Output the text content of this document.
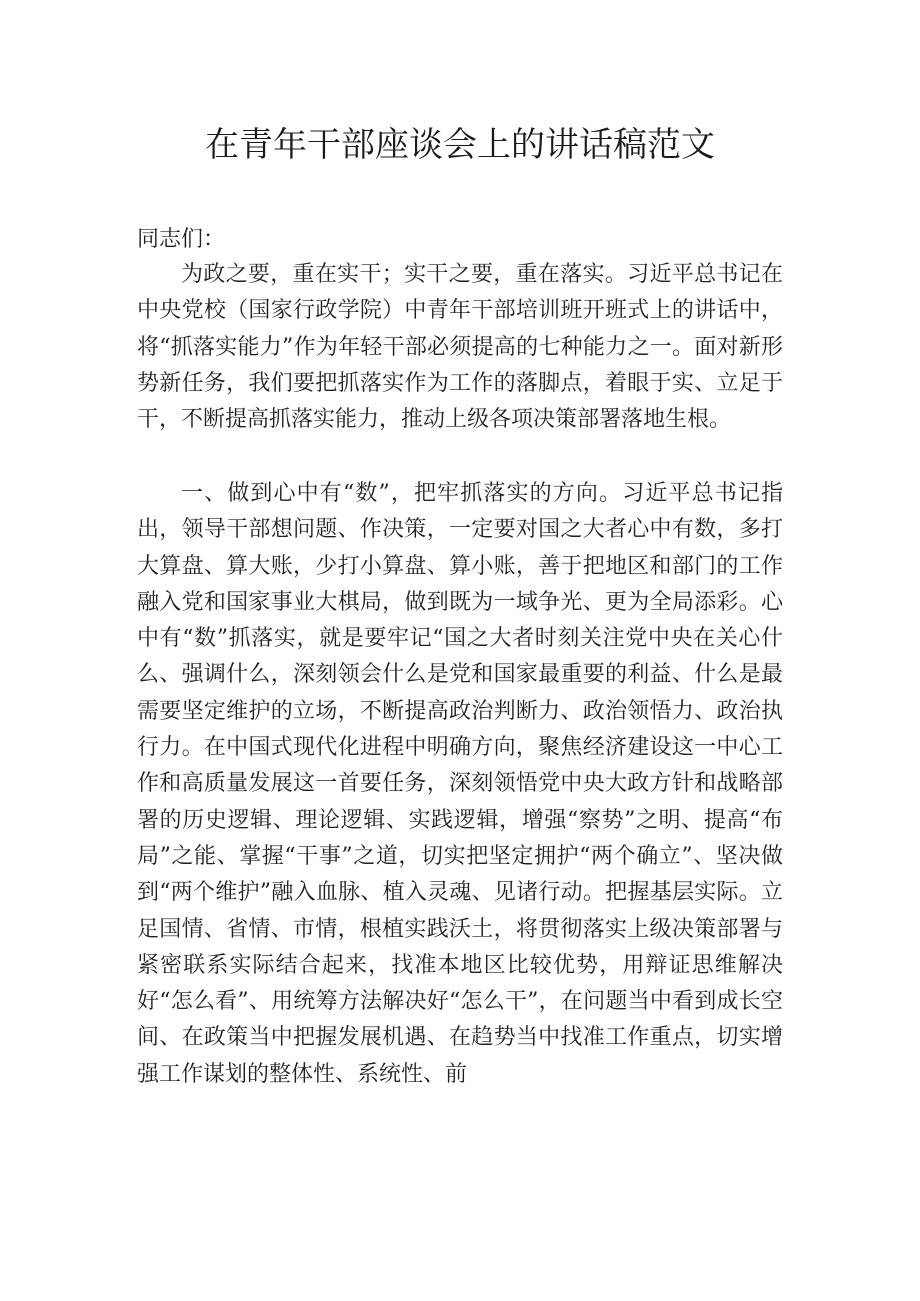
在青年干部座谈会上的讲话稿范文
同志们：

为政之要，重在实干；实干之要，重在落实。习近平总书记在中央党校（国家行政学院）中青年干部培训班开班式上的讲话中，将“抓落实能力”作为年轻干部必须提高的七种能力之一。面对新形势新任务，我们要把抓落实作为工作的落脚点，着眼于实、立足于干，不断提高抓落实能力，推动上级各项决策部署落地生根。

一、做到心中有“数”，把牢抓落实的方向。习近平总书记指出，领导干部想问题、作决策，一定要对国之大者心中有数，多打大算盘、算大账，少打小算盘、算小账，善于把地区和部门的工作融入党和国家事业大棋局，做到既为一域争光、更为全局添彩。心中有“数”抓落实，就是要牢记“国之大者时刻关注党中央在关心什么、强调什么，深刻领会什么是党和国家最重要的利益、什么是最需要坚定维护的立场，不断提高政治判断力、政治领悟力、政治执行力。在中国式现代化进程中明确方向，聚焦经济建设这一中心工作和高质量发展这一首要任务，深刻领悟党中央大政方针和战略部署的历史逻辑、理论逻辑、实践逻辑，增强“察势”之明、提高“布局”之能、掌握“干事”之道，切实把坚定拥护“两个确立”、坚决做到“两个维护”融入血脉、植入灵魂、见诸行动。把握基层实际。立足国情、省情、市情，根植实践沃土，将贯彻落实上级决策部署与紧密联系实际结合起来，找准本地区比较优势，用辩证思维解决好“怎么看”、用统筹方法解决好“怎么干”，在问题当中看到成长空间、在政策当中把握发展机遇、在趋势当中找准工作重点，切实增强工作谋划的整体性、系统性、前
